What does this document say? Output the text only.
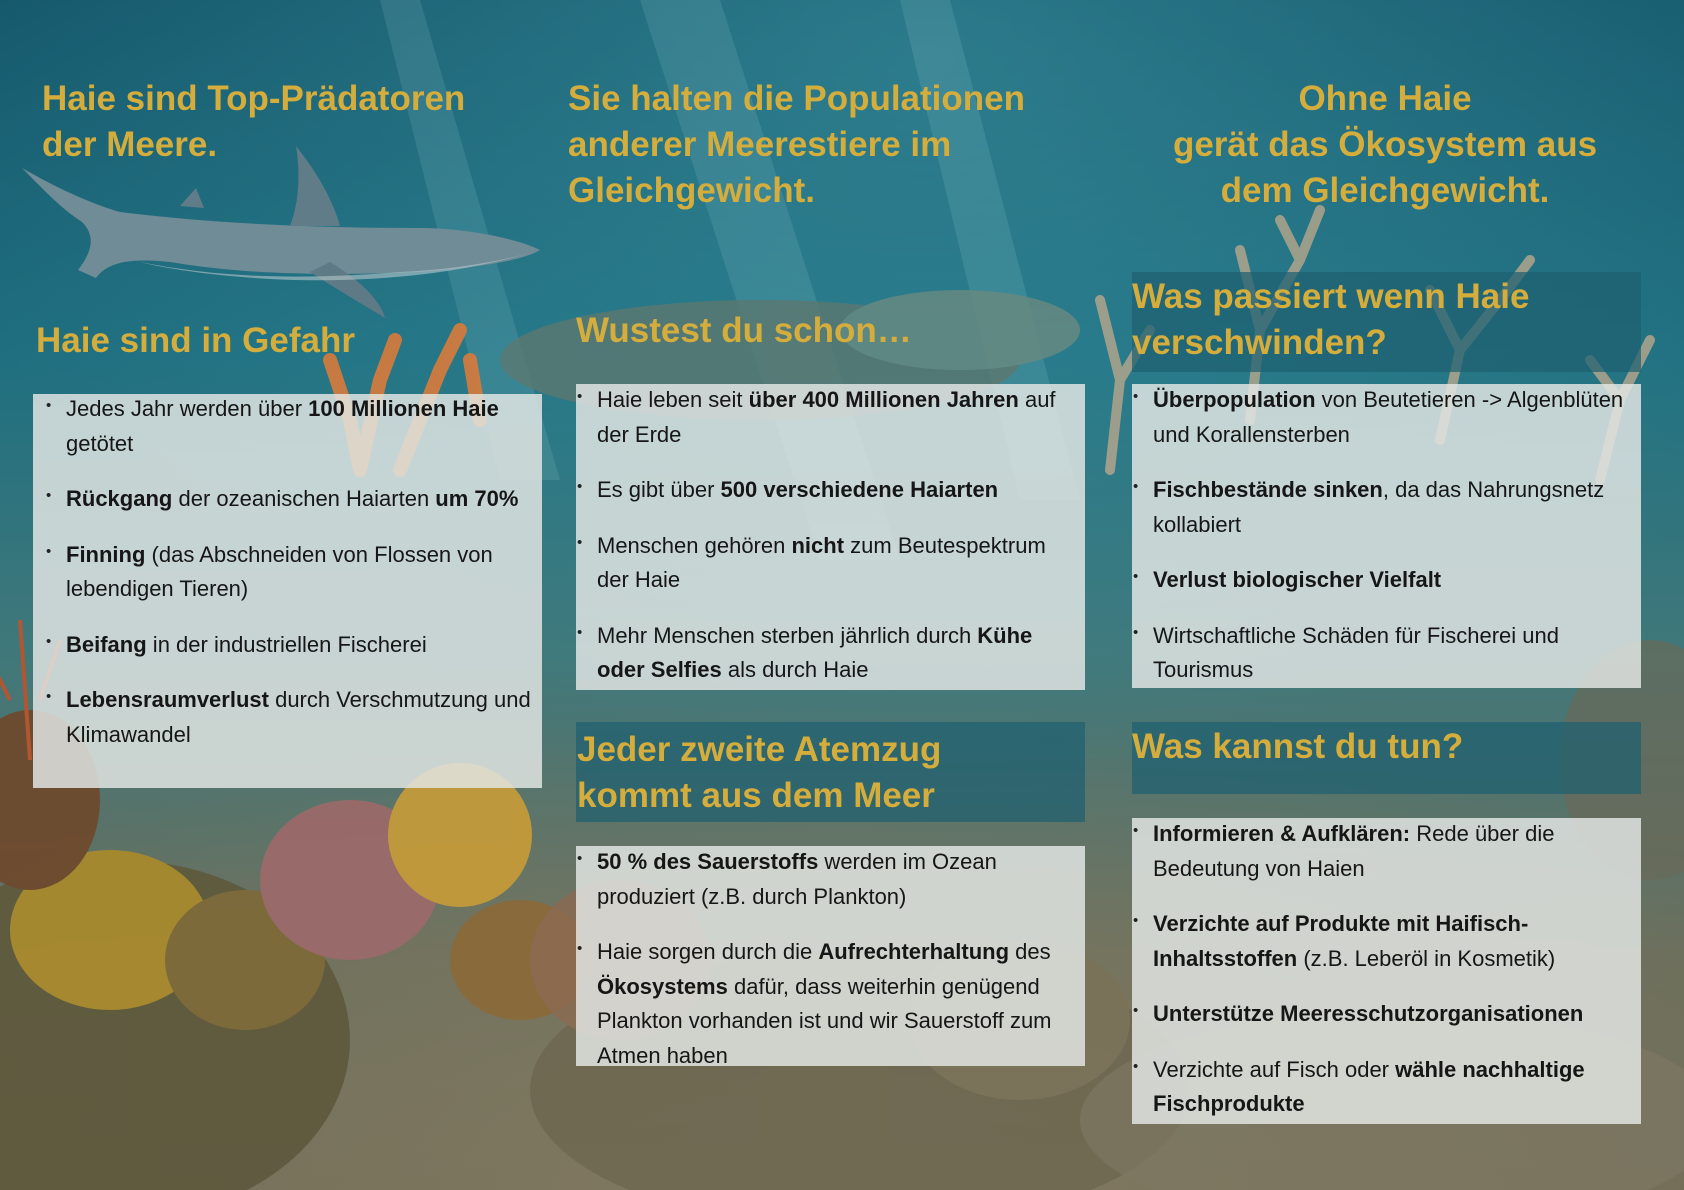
Haie sind Top-Prädatoren
der Meere.
Sie halten die Populationen
anderer Meerestiere im
Gleichgewicht.
Ohne Haie
gerät das Ökosystem aus
dem Gleichgewicht.
Haie sind in Gefahr
• Jedes Jahr werden über 100 Millionen Haie getötet
• Rückgang der ozeanischen Haiarten um 70%
• Finning (das Abschneiden von Flossen von lebendigen Tieren)
• Beifang in der industriellen Fischerei
• Lebensraumverlust durch Verschmutzung und Klimawandel
Wustest du schon…
• Haie leben seit über 400 Millionen Jahren auf der Erde
• Es gibt über 500 verschiedene Haiarten
• Menschen gehören nicht zum Beutespektrum der Haie
• Mehr Menschen sterben jährlich durch Kühe oder Selfies als durch Haie
Jeder zweite Atemzug
kommt aus dem Meer
• 50 % des Sauerstoffs werden im Ozean produziert (z.B. durch Plankton)
• Haie sorgen durch die Aufrechterhaltung des Ökosystems dafür, dass weiterhin genügend Plankton vorhanden ist und wir Sauerstoff zum Atmen haben
Was passiert wenn Haie
verschwinden?
• Überpopulation von Beutetieren -> Algenblüten und Korallensterben
• Fischbestände sinken, da das Nahrungsnetz kollabiert
• Verlust biologischer Vielfalt
• Wirtschaftliche Schäden für Fischerei und Tourismus
Was kannst du tun?
• Informieren & Aufklären: Rede über die Bedeutung von Haien
• Verzichte auf Produkte mit Haifisch-Inhaltsstoffen (z.B. Leberöl in Kosmetik)
• Unterstütze Meeresschutzorganisationen
• Verzichte auf Fisch oder wähle nachhaltige Fischprodukte
